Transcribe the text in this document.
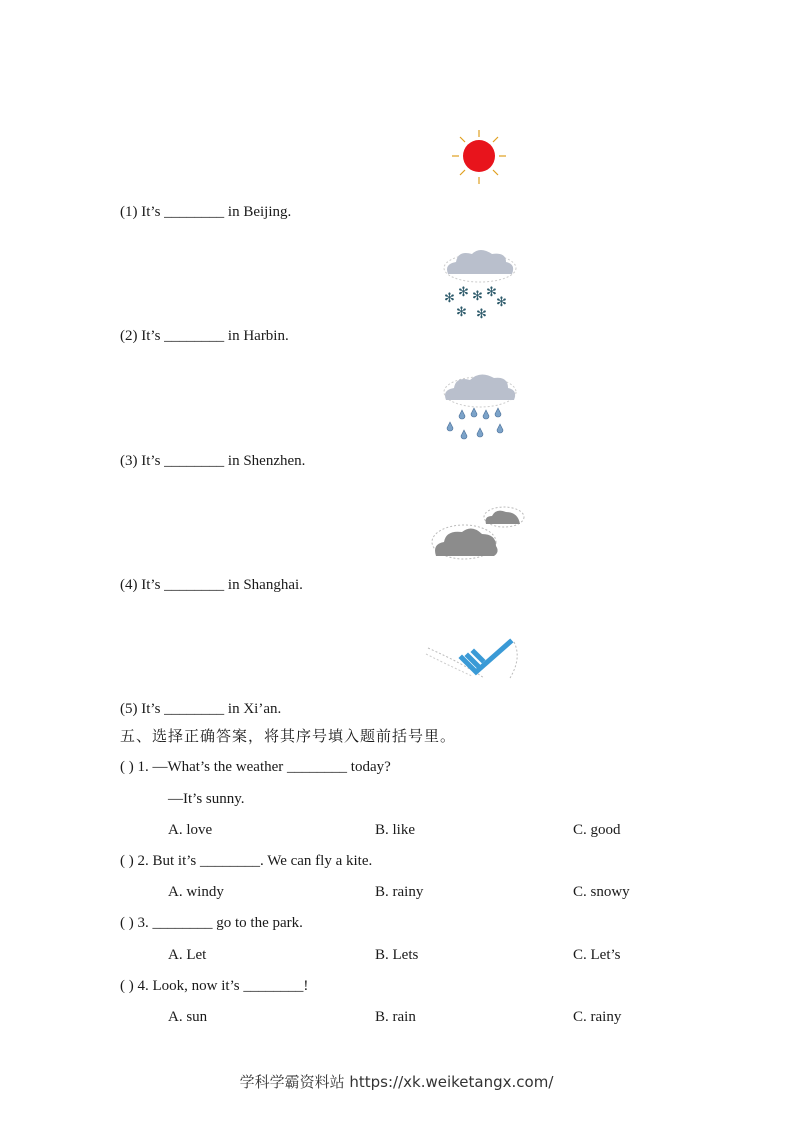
(1) It’s ________ in Beijing.
✻ ✻ ✻ ✻
✻
✻ ✻
(2) It’s ________ in Harbin.
(3) It’s ________ in Shenzhen.
(4) It’s ________ in Shanghai.
(5) It’s ________ in Xi’an.
五、选择正确答案，将其序号填入题前括号里。
( ) 1. —What’s the weather ________ today?
—It’s sunny.
A. love	B. like	C. good
( ) 2. But it’s ________. We can fly a kite.
A. windy	B. rainy	C. snowy
( ) 3. ________ go to the park.
A. Let	B. Lets	C. Let’s
( ) 4. Look, now it’s ________!
A. sun	B. rain	C. rainy
学科学霸资料站 https://xk.weiketangx.com/
